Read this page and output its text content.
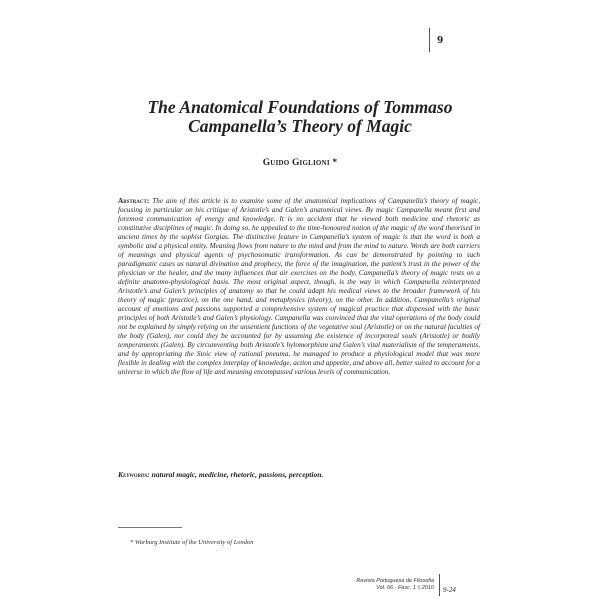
9
The Anatomical Foundations of Tommaso
Campanella’s Theory of Magic
Guido Giglioni *
Abstract: The aim of this article is to examine some of the anatomical implications of Campanella’s theory of magic, focusing in particular on his critique of Aristotle’s and Galen’s anatomical views. By magic Campanella meant first and foremost communication of energy and knowledge. It is no accident that he viewed both medicine and rhetoric as constitutive disciplines of magic. In doing so, he appealed to the time-honoured notion of the magic of the word theorised in ancient times by the sophist Gorgias. The distinctive feature in Campanella’s system of magic is that the word is both a symbolic and a physical entity. Meaning flows from nature to the mind and from the mind to nature. Words are both carriers of meanings and physical agents of psychosomatic transformation. As can be demonstrated by pointing to such paradigmatic cases as natural divination and prophecy, the force of the imagination, the patient’s trust in the power of the physician or the healer, and the many influences that air exercises on the body, Campanella’s theory of magic rests on a definite anatomo-physiological basis. The most original aspect, though, is the way in which Campanella reinterpreted Aristotle’s and Galen’s principles of anatomy so that he could adapt his medical views to the broader framework of his theory of magic (practice), on the one hand, and metaphysics (theory), on the other. In addition, Campanella’s original account of emotions and passions supported a comprehensive system of magical practice that dispensed with the basic principles of both Aristotle’s and Galen’s physiology. Campanella was convinced that the vital operations of the body could not be explained by simply relying on the unsentient functions of the vegetative soul (Aristotle) or on the natural faculties of the body (Galen), nor could they be accounted for by assuming the existence of incorporeal souls (Aristotle) or bodily temperaments (Galen). By circumventing both Aristotle’s hylomorphism and Galen’s vital materialism of the temperaments, and by appropriating the Stoic view of rational pneuma, he managed to produce a physiological model that was more flexible in dealing with the complex interplay of knowledge, action and appetite, and above all, better suited to account for a universe in which the flow of life and meaning encompassed various levels of communication.
Keywords: natural magic, medicine, rhetoric, passions, perception.
* Warburg Institute of the University of London
Revista Portuguesa de Filosofia
Vol. 66 · Fasc. 1 ◊ 2010 9-24
